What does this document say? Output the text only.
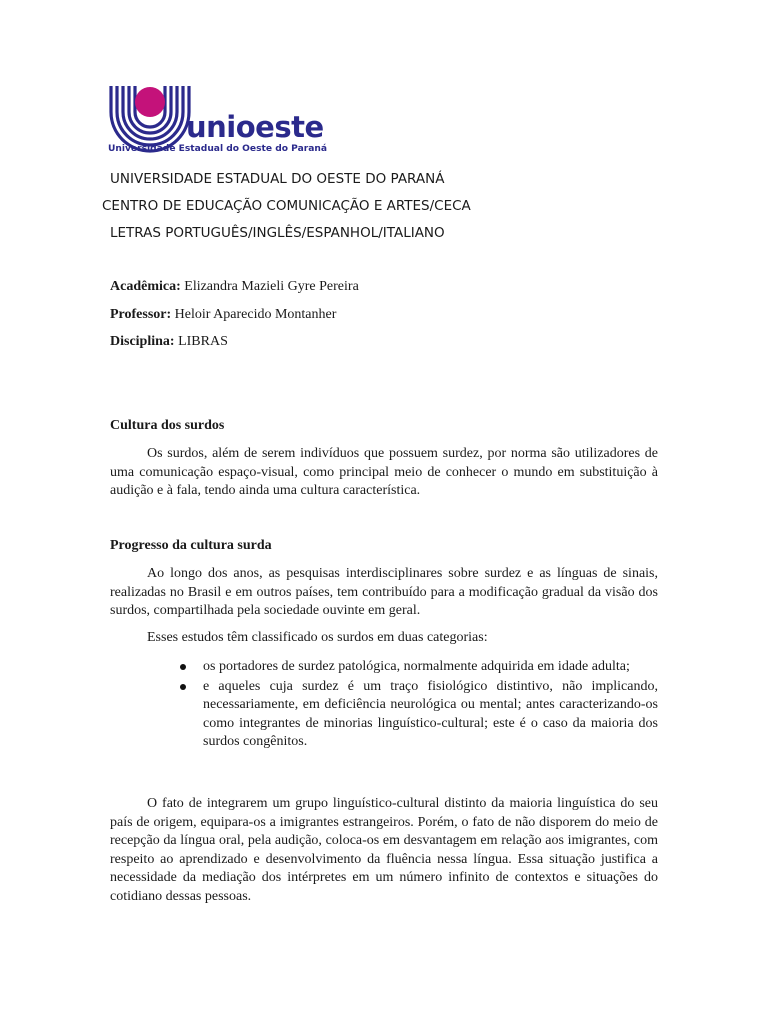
unioeste
Universidade Estadual do Oeste do Paraná
UNIVERSIDADE ESTADUAL DO OESTE DO PARANÁ
CENTRO DE EDUCAÇÃO COMUNICAÇÃO E ARTES/CECA
LETRAS PORTUGUÊS/INGLÊS/ESPANHOL/ITALIANO
Acadêmica: Elizandra Mazieli Gyre Pereira
Professor: Heloir Aparecido Montanher
Disciplina: LIBRAS
Cultura dos surdos

Os surdos, além de serem indivíduos que possuem surdez, por norma são utilizadores de uma comunicação espaço-visual, como principal meio de conhecer o mundo em substituição à audição e à fala, tendo ainda uma cultura característica.

Progresso da cultura surda

Ao longo dos anos, as pesquisas interdisciplinares sobre surdez e as línguas de sinais, realizadas no Brasil e em outros países, tem contribuído para a modificação gradual da visão dos surdos, compartilhada pela sociedade ouvinte em geral.

Esses estudos têm classificado os surdos em duas categorias:

os portadores de surdez patológica, normalmente adquirida em idade adulta;
e aqueles cuja surdez é um traço fisiológico distintivo, não implicando, necessariamente, em deficiência neurológica ou mental; antes caracterizando-os como integrantes de minorias linguístico-cultural; este é o caso da maioria dos surdos congênitos.

O fato de integrarem um grupo linguístico-cultural distinto da maioria linguística do seu país de origem, equipara-os a imigrantes estrangeiros. Porém, o fato de não disporem do meio de recepção da língua oral, pela audição, coloca-os em desvantagem em relação aos imigrantes, com respeito ao aprendizado e desenvolvimento da fluência nessa língua. Essa situação justifica a necessidade da mediação dos intérpretes em um número infinito de contextos e situações do cotidiano dessas pessoas.
